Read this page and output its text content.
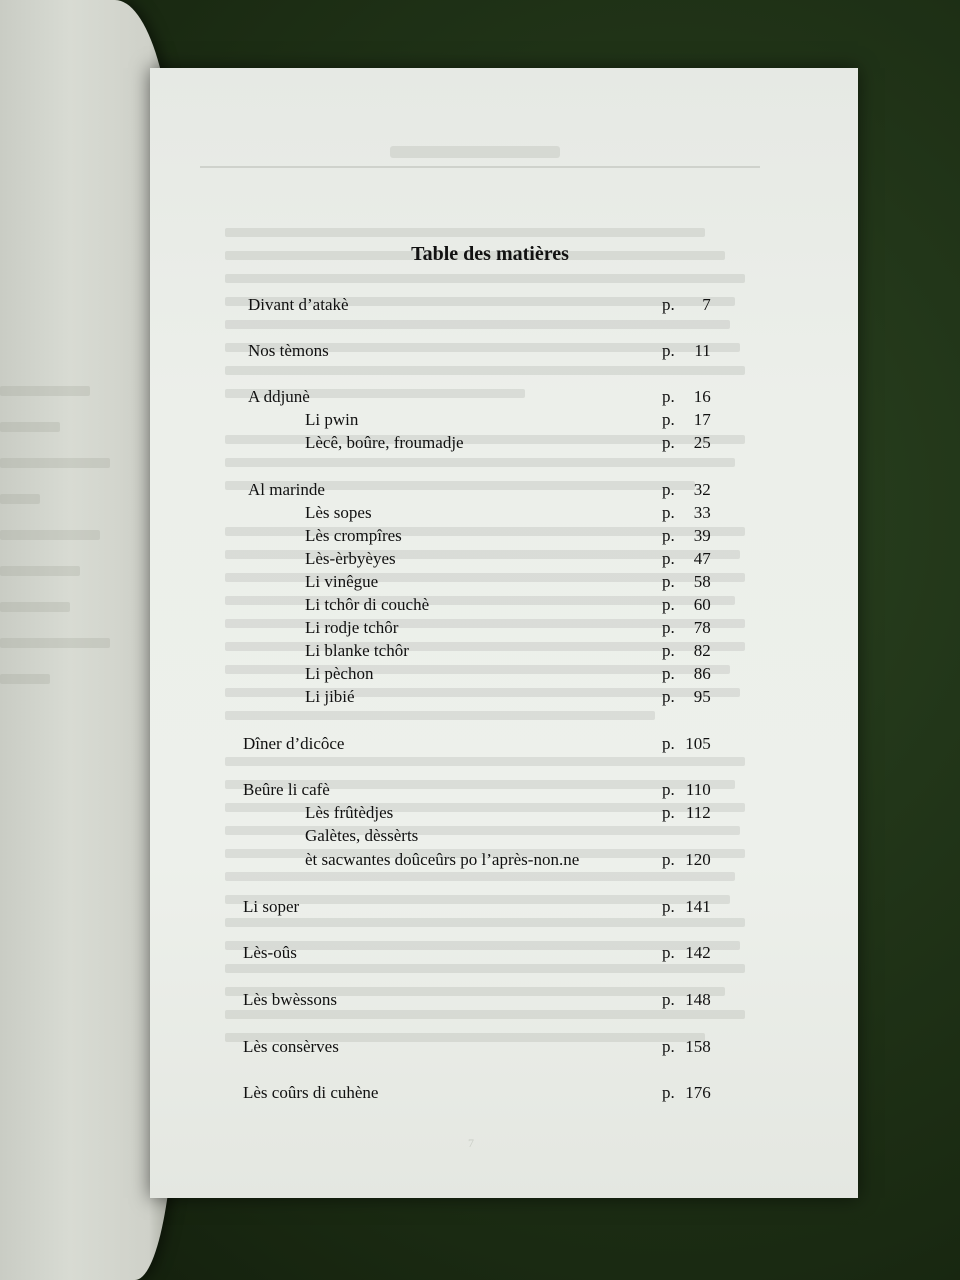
7
Table des matières
Divant d’atakè	p. 7
Nos tèmons	p. 11
A ddjunè	p. 16
Li pwin	p. 17
Lècê, boûre, froumadje	p. 25
Al marinde	p. 32
Lès sopes	p. 33
Lès crompîres	p. 39
Lès-èrbyèyes	p. 47
Li vinêgue	p. 58
Li tchôr di couchè	p. 60
Li rodje tchôr	p. 78
Li blanke tchôr	p. 82
Li pèchon	p. 86
Li jibié	p. 95
Dîner d’dicôce	p. 105
Beûre li cafè	p. 110
Lès frûtèdjes	p. 112
Galètes, dèssèrts
èt sacwantes doûceûrs po l’après-non.ne	p. 120
Li soper	p. 141
Lès-oûs	p. 142
Lès bwèssons	p. 148
Lès consèrves	p. 158
Lès coûrs di cuhène	p. 176
